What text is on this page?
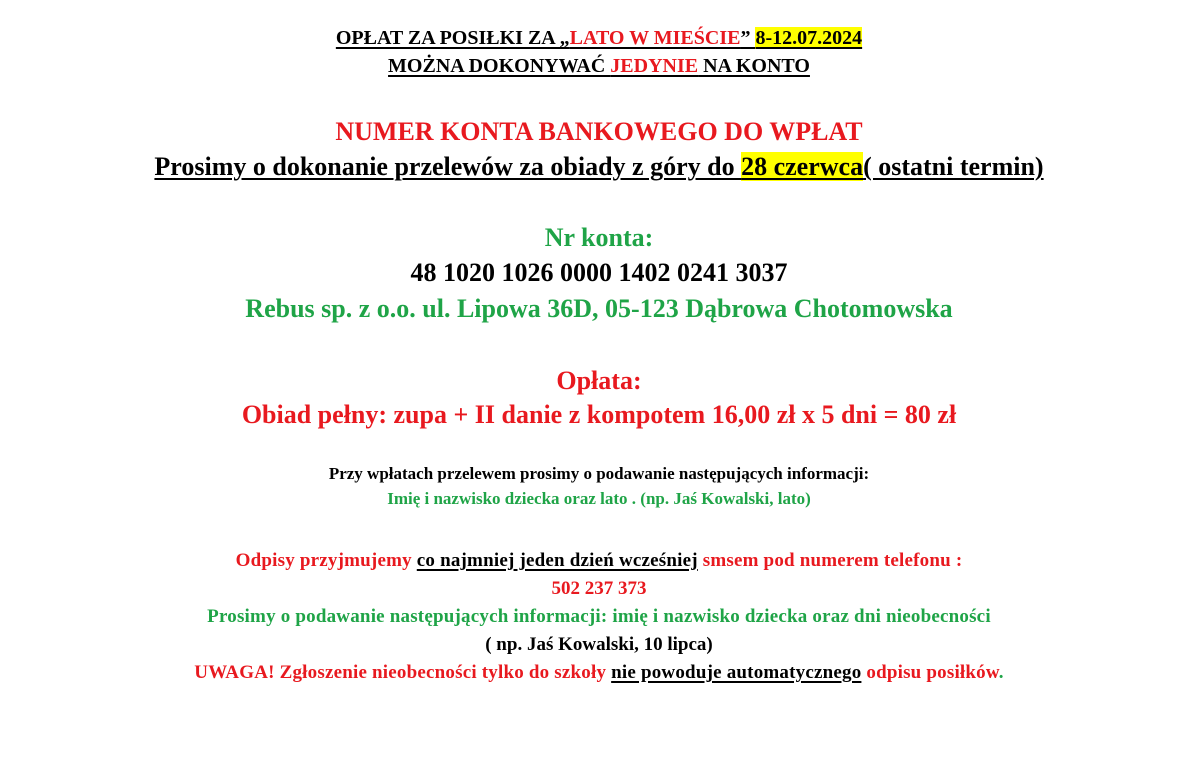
OPŁAT ZA POSIŁKI ZA „LATO W MIEŚCIE” 8-12.07.2024
MOŻNA DOKONYWAĆ JEDYNIE NA KONTO
NUMER KONTA BANKOWEGO DO WPŁAT
Prosimy o dokonanie przelewów za obiady z góry do 28 czerwca( ostatni termin)
Nr konta:
48 1020 1026 0000 1402 0241 3037
Rebus sp. z o.o. ul. Lipowa 36D, 05-123 Dąbrowa Chotomowska
Opłata:
Obiad pełny: zupa + II danie z kompotem 16,00 zł x 5 dni = 80 zł
Przy wpłatach przelewem prosimy o podawanie następujących informacji:
Imię i nazwisko dziecka oraz lato . (np. Jaś Kowalski, lato)
Odpisy przyjmujemy co najmniej jeden dzień wcześniej smsem pod numerem telefonu :
502 237 373
Prosimy o podawanie następujących informacji: imię i nazwisko dziecka oraz dni nieobecności
( np. Jaś Kowalski, 10 lipca)
UWAGA! Zgłoszenie nieobecności tylko do szkoły nie powoduje automatycznego odpisu posiłków.
